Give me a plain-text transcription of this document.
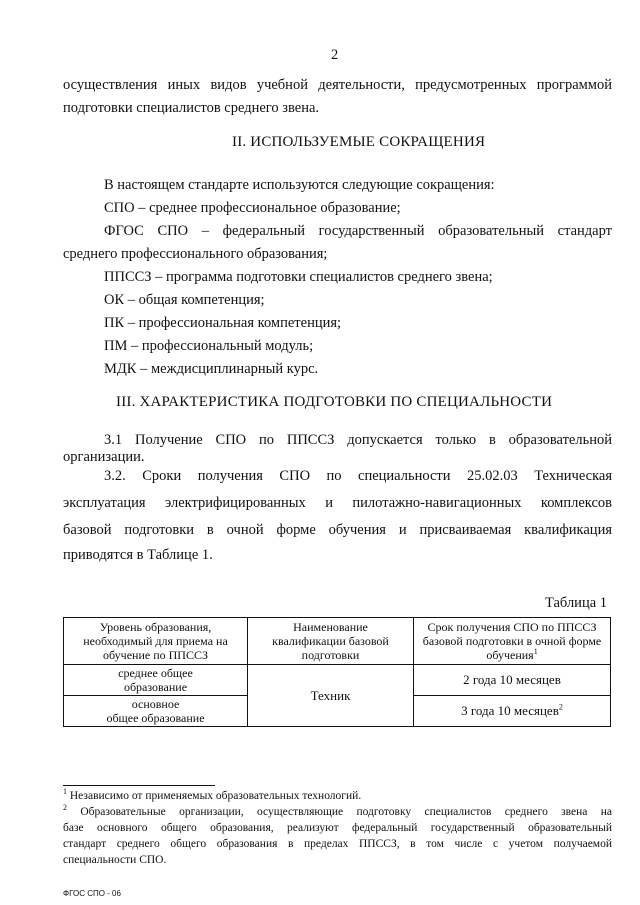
2
осуществления иных видов учебной деятельности, предусмотренных программой
подготовки специалистов среднего звена.
II. ИСПОЛЬЗУЕМЫЕ СОКРАЩЕНИЯ
В настоящем стандарте используются следующие сокращения:
СПО – среднее профессиональное образование;
ФГОС СПО – федеральный государственный образовательный стандарт
среднего профессионального образования;
ППССЗ – программа подготовки специалистов среднего звена;
ОК – общая компетенция;
ПК – профессиональная компетенция;
ПМ – профессиональный модуль;
МДК – междисциплинарный курс.
III. ХАРАКТЕРИСТИКА ПОДГОТОВКИ ПО СПЕЦИАЛЬНОСТИ
3.1 Получение СПО по ППССЗ допускается только в образовательной
организации.
3.2. Сроки получения СПО по специальности 25.02.03 Техническая
эксплуатация электрифицированных и пилотажно-навигационных комплексов
базовой подготовки в очной форме обучения и присваиваемая квалификация
приводятся в Таблице 1.
Таблица 1
Уровень образования,
необходимый для приема на
обучение по ППССЗ	Наименование
квалификации базовой
подготовки	Срок получения СПО по ППССЗ
базовой подготовки в очной форме
обучения$^1$
среднее общее
образование	Техник	2 года 10 месяцев
основное
общее образование		3 года 10 месяцев$^2$
$^1$ Независимо от применяемых образовательных технологий.
$^2$ Образовательные организации, осуществляющие подготовку специалистов среднего звена на
базе основного общего образования, реализуют федеральный государственный образовательный
стандарт среднего общего образования в пределах ППССЗ, в том числе с учетом получаемой
специальности СПО.
ФГОС СПО - 06
